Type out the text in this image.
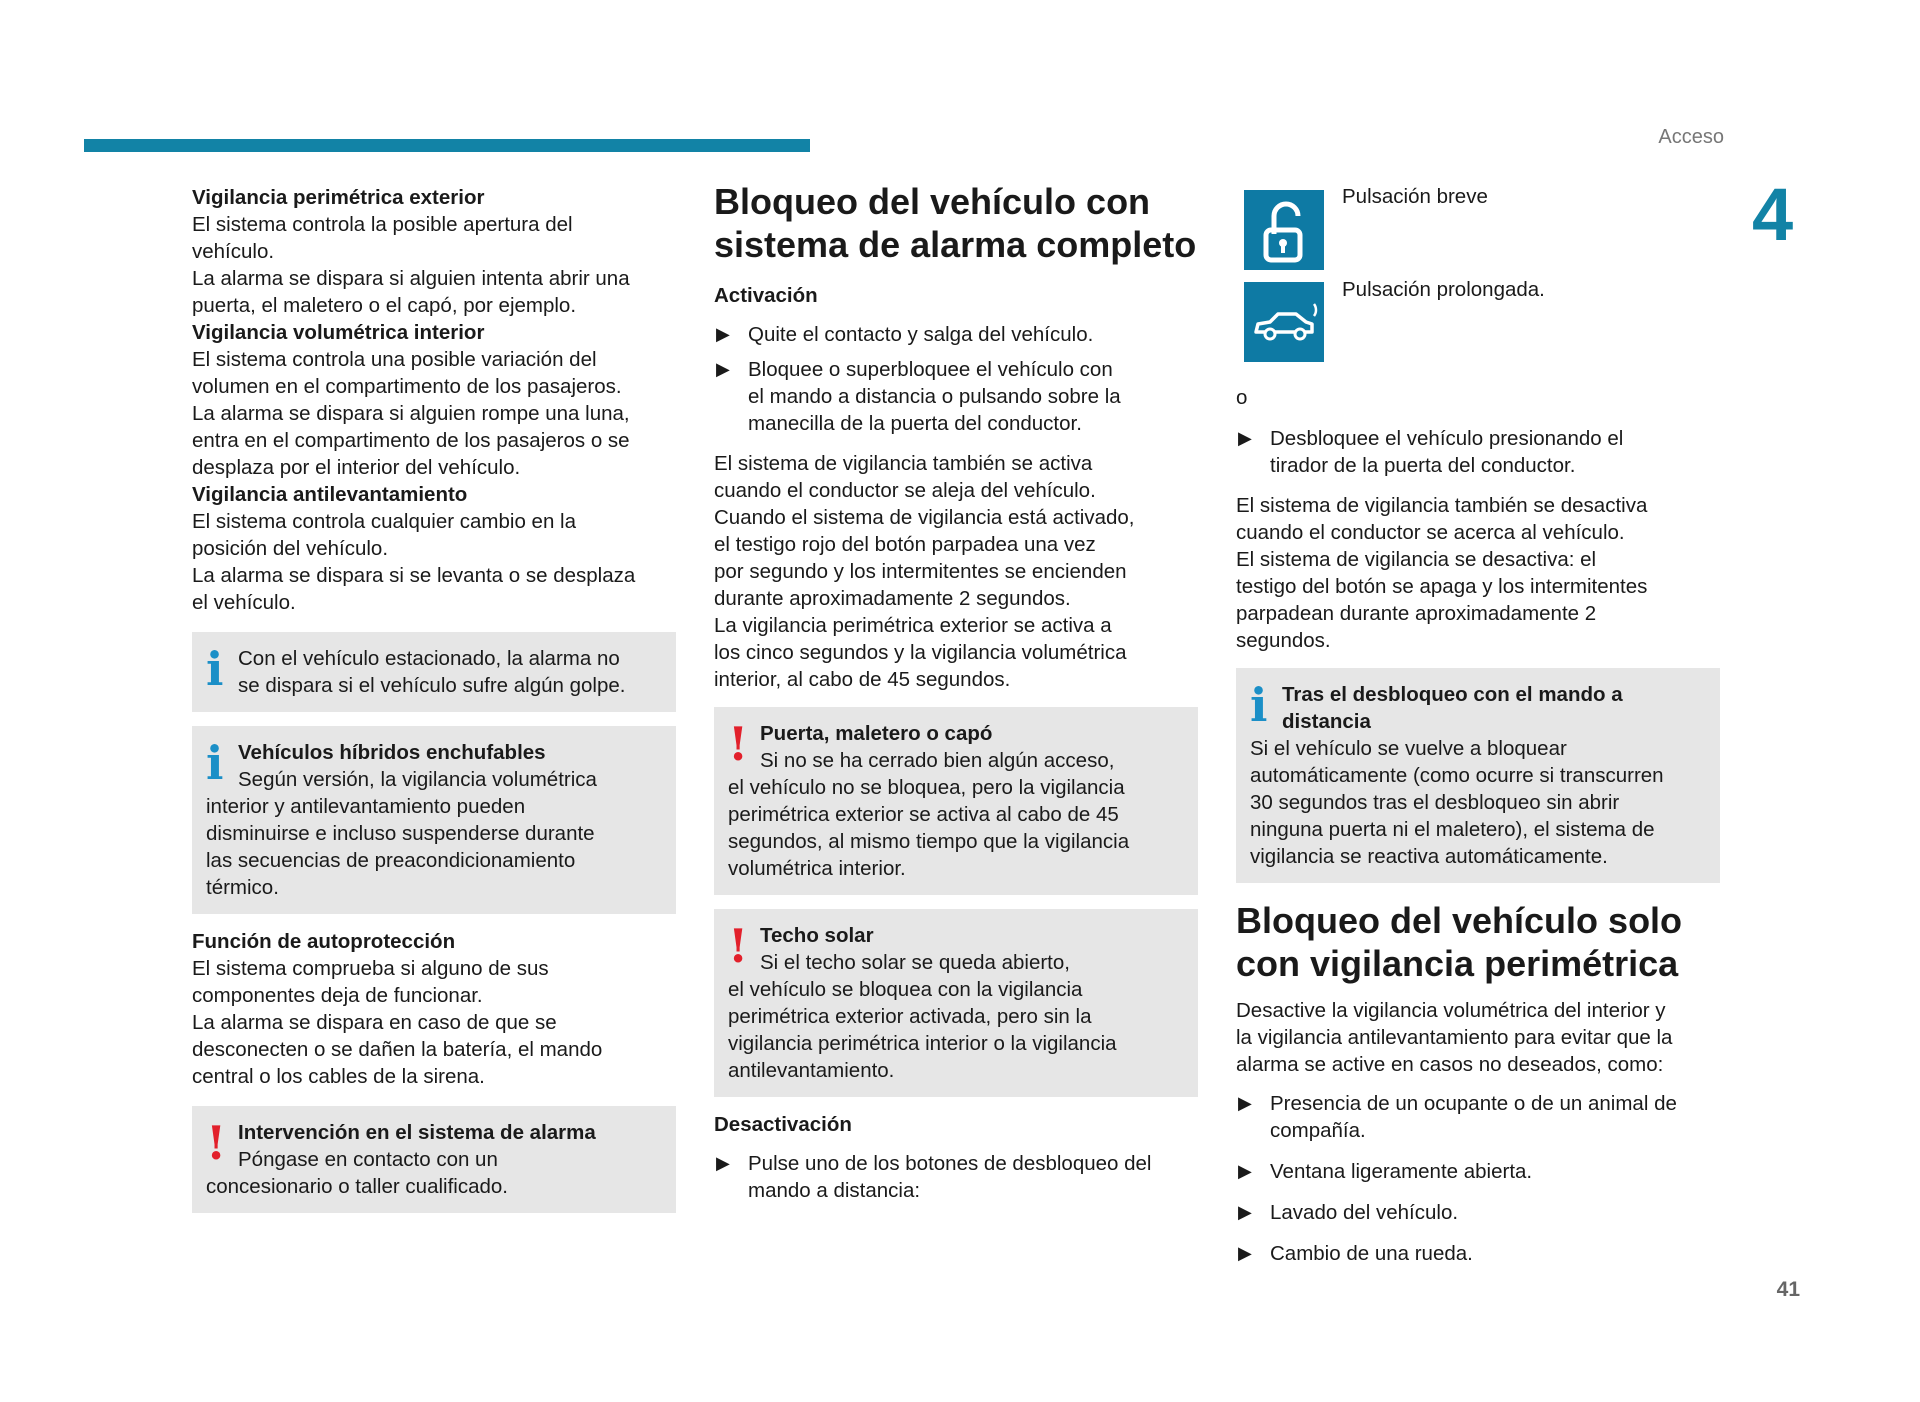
Acceso
4
41

Vigilancia perimétrica exterior

El sistema controla la posible apertura del

vehículo.

La alarma se dispara si alguien intenta abrir una

puerta, el maletero o el capó, por ejemplo.

Vigilancia volumétrica interior

El sistema controla una posible variación del

volumen en el compartimento de los pasajeros.

La alarma se dispara si alguien rompe una luna,

entra en el compartimento de los pasajeros o se

desplaza por el interior del vehículo.

Vigilancia antilevantamiento

El sistema controla cualquier cambio en la

posición del vehículo.

La alarma se dispara si se levanta o se desplaza

el vehículo.

i Con el vehículo estacionado, la alarma no

se dispara si el vehículo sufre algún golpe.

i Vehículos híbridos enchufables

Según versión, la vigilancia volumétrica

interior y antilevantamiento pueden

disminuirse e incluso suspenderse durante

las secuencias de preacondicionamiento

térmico.

Función de autoprotección

El sistema comprueba si alguno de sus

componentes deja de funcionar.

La alarma se dispara en caso de que se

desconecten o se dañen la batería, el mando

central o los cables de la sirena.

! Intervención en el sistema de alarma

Póngase en contacto con un

concesionario o taller cualificado.

Bloqueo del vehículo con

sistema de alarma completo

Activación

▶ Quite el contacto y salga del vehículo.

▶ Bloquee o superbloquee el vehículo con

el mando a distancia o pulsando sobre la

manecilla de la puerta del conductor.

El sistema de vigilancia también se activa

cuando el conductor se aleja del vehículo.

Cuando el sistema de vigilancia está activado,

el testigo rojo del botón parpadea una vez

por segundo y los intermitentes se encienden

durante aproximadamente 2 segundos.

La vigilancia perimétrica exterior se activa a

los cinco segundos y la vigilancia volumétrica

interior, al cabo de 45 segundos.

! Puerta, maletero o capó

Si no se ha cerrado bien algún acceso,

el vehículo no se bloquea, pero la vigilancia

perimétrica exterior se activa al cabo de 45

segundos, al mismo tiempo que la vigilancia

volumétrica interior.

! Techo solar

Si el techo solar se queda abierto,

el vehículo se bloquea con la vigilancia

perimétrica exterior activada, pero sin la

vigilancia perimétrica interior o la vigilancia

antilevantamiento.

Desactivación

▶ Pulse uno de los botones de desbloqueo del

mando a distancia:

Pulsación breve

Pulsación prolongada.

o

▶ Desbloquee el vehículo presionando el

tirador de la puerta del conductor.

El sistema de vigilancia también se desactiva

cuando el conductor se acerca al vehículo.

El sistema de vigilancia se desactiva: el

testigo del botón se apaga y los intermitentes

parpadean durante aproximadamente 2

segundos.

i Tras el desbloqueo con el mando a

distancia

Si el vehículo se vuelve a bloquear

automáticamente (como ocurre si transcurren

30 segundos tras el desbloqueo sin abrir

ninguna puerta ni el maletero), el sistema de

vigilancia se reactiva automáticamente.

Bloqueo del vehículo solo

con vigilancia perimétrica

Desactive la vigilancia volumétrica del interior y

la vigilancia antilevantamiento para evitar que la

alarma se active en casos no deseados, como:

▶ Presencia de un ocupante o de un animal de

compañía.

▶ Ventana ligeramente abierta.

▶ Lavado del vehículo.

▶ Cambio de una rueda.
